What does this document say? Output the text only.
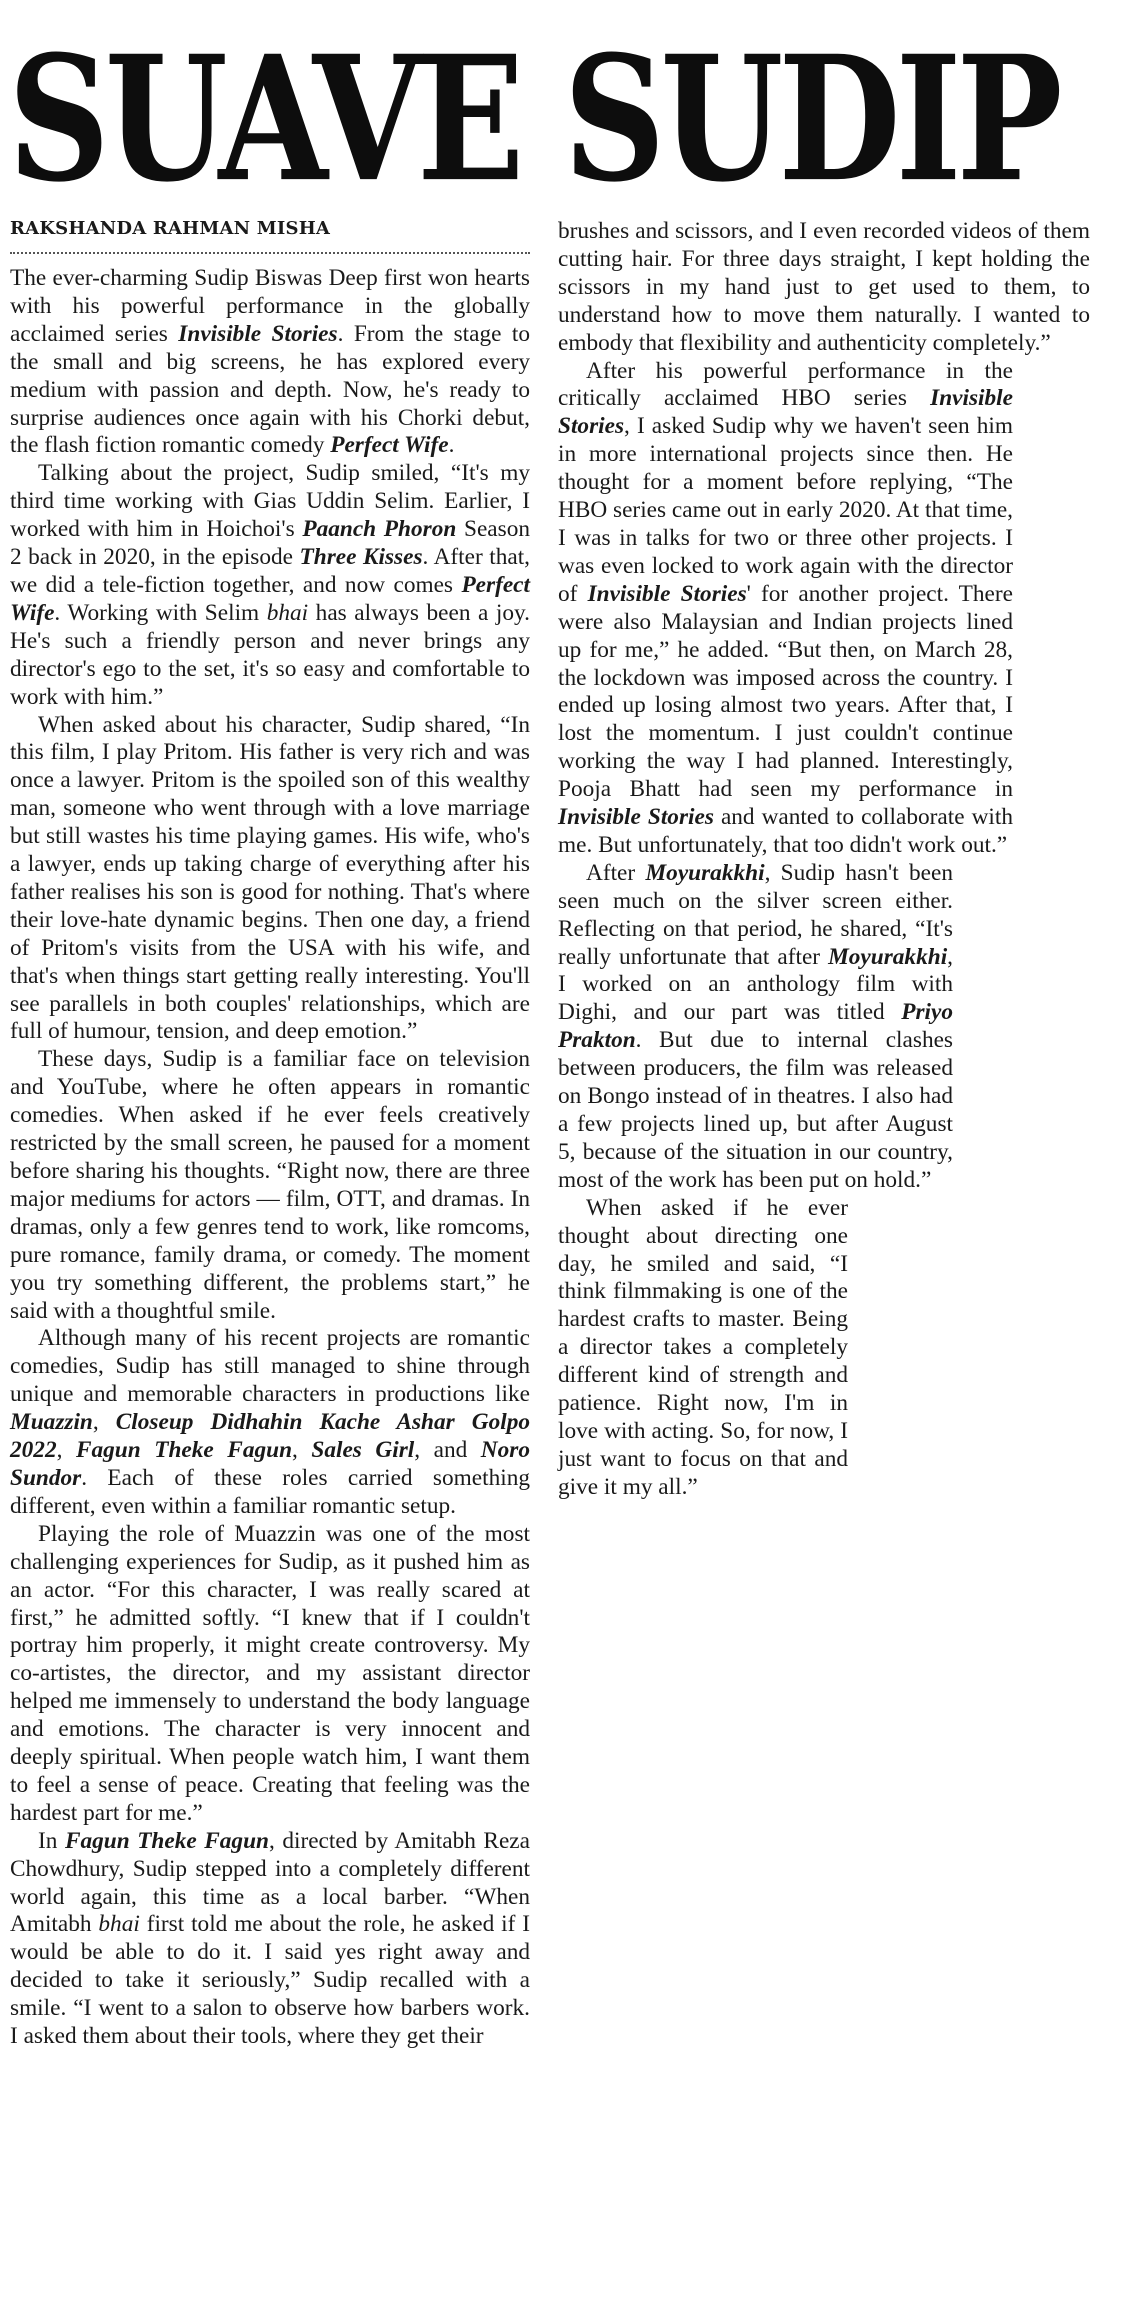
SUAVE SUDIP
RAKSHANDA RAHMAN MISHA

The ever-charming Sudip Biswas Deep first won hearts with his powerful performance in the globally acclaimed series Invisible Stories. From the stage to the small and big screens, he has explored every medium with passion and depth. Now, he's ready to surprise audiences once again with his Chorki debut, the flash fiction romantic comedy Perfect Wife.

Talking about the project, Sudip smiled, “It's my third time working with Gias Uddin Selim. Earlier, I worked with him in Hoichoi's Paanch Phoron Season 2 back in 2020, in the episode Three Kisses. After that, we did a tele-fiction together, and now comes Perfect Wife. Working with Selim bhai has always been a joy. He's such a friendly person and never brings any director's ego to the set, it's so easy and comfortable to work with him.”

When asked about his character, Sudip shared, “In this film, I play Pritom. His father is very rich and was once a lawyer. Pritom is the spoiled son of this wealthy man, someone who went through with a love marriage but still wastes his time playing games. His wife, who's a lawyer, ends up taking charge of everything after his father realises his son is good for nothing. That's where their love-hate dynamic begins. Then one day, a friend of Pritom's visits from the USA with his wife, and that's when things start getting really interesting. You'll see parallels in both couples' relationships, which are full of humour, tension, and deep emotion.”

These days, Sudip is a familiar face on television and YouTube, where he often appears in romantic comedies. When asked if he ever feels creatively restricted by the small screen, he paused for a moment before sharing his thoughts. “Right now, there are three major mediums for actors — film, OTT, and dramas. In dramas, only a few genres tend to work, like romcoms, pure romance, family drama, or comedy. The moment you try something different, the problems start,” he said with a thoughtful smile.

Although many of his recent projects are romantic comedies, Sudip has still managed to shine through unique and memorable characters in productions like Muazzin, Closeup Didhahin Kache Ashar Golpo 2022, Fagun Theke Fagun, Sales Girl, and Noro Sundor. Each of these roles carried something different, even within a familiar romantic setup.

Playing the role of Muazzin was one of the most challenging experiences for Sudip, as it pushed him as an actor. “For this character, I was really scared at first,” he admitted softly. “I knew that if I couldn't portray him properly, it might create controversy. My co-artistes, the director, and my assistant director helped me immensely to understand the body language and emotions. The character is very innocent and deeply spiritual. When people watch him, I want them to feel a sense of peace. Creating that feeling was the hardest part for me.”

In Fagun Theke Fagun, directed by Amitabh Reza Chowdhury, Sudip stepped into a completely different world again, this time as a local barber. “When Amitabh bhai first told me about the role, he asked if I would be able to do it. I said yes right away and decided to take it seriously,” Sudip recalled with a smile. “I went to a salon to observe how barbers work. I asked them about their tools, where they get their

brushes and scissors, and I even recorded videos of them cutting hair. For three days straight, I kept holding the scissors in my hand just to get used to them, to understand how to move them naturally. I wanted to embody that flexibility and authenticity completely.”

After his powerful performance in the critically acclaimed HBO series Invisible Stories, I asked Sudip why we haven't seen him in more international projects since then. He thought for a moment before replying, “The HBO series came out in early 2020. At that time, I was in talks for two or three other projects. I was even locked to work again with the director of Invisible Stories' for another project. There were also Malaysian and Indian projects lined up for me,” he added. “But then, on March 28, the lockdown was imposed across the country. I ended up losing almost two years. After that, I lost the momentum. I just couldn't continue working the way I had planned. Interestingly, Pooja Bhatt had seen my performance in Invisible Stories and wanted to collaborate with me. But unfortunately, that too didn't work out.”

After Moyurakkhi, Sudip hasn't been seen much on the silver screen either. Reflecting on that period, he shared, “It's really unfortunate that after Moyurakkhi, I worked on an anthology film with Dighi, and our part was titled Priyo Prakton. But due to internal clashes between producers, the film was released on Bongo instead of in theatres. I also had a few projects lined up, but after August 5, because of the situation in our country, most of the work has been put on hold.”

When asked if he ever thought about directing one day, he smiled and said, “I think filmmaking is one of the hardest crafts to master. Being a director takes a completely different kind of strength and patience. Right now, I'm in love with acting. So, for now, I just want to focus on that and give it my all.”
